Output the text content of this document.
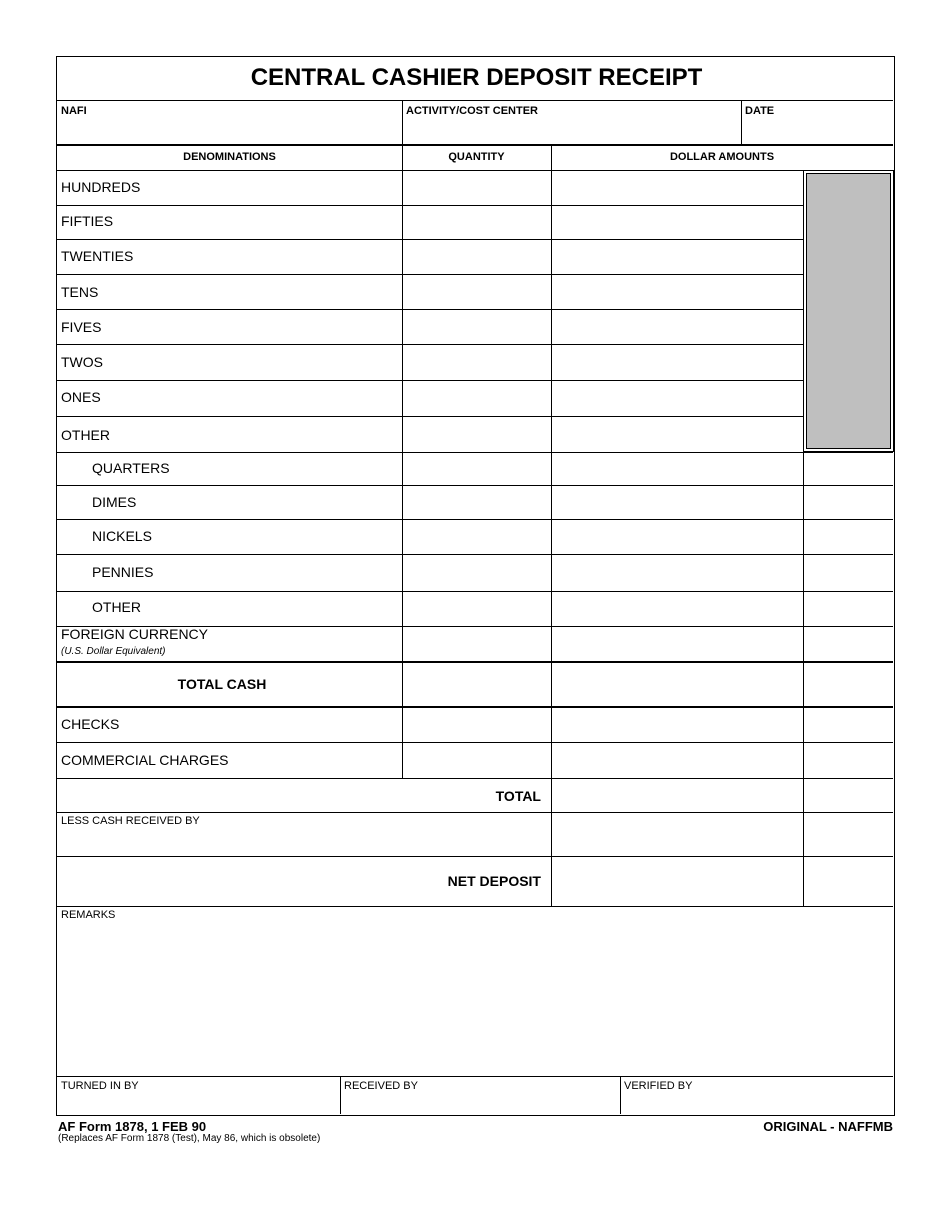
CENTRAL CASHIER DEPOSIT RECEIPT
NAFI	ACTIVITY/COST CENTER	DATE
DENOMINATIONS	QUANTITY	DOLLAR AMOUNTS
HUNDREDS
FIFTIES
TWENTIES
TENS
FIVES
TWOS
ONES
OTHER
QUARTERS
DIMES
NICKELS
PENNIES
OTHER
FOREIGN CURRENCY
(U.S. Dollar Equivalent)
TOTAL CASH
CHECKS
COMMERCIAL CHARGES
TOTAL
LESS CASH RECEIVED BY
NET DEPOSIT
REMARKS
TURNED IN BY	RECEIVED BY	VERIFIED BY
AF Form 1878, 1 FEB 90
(Replaces AF Form 1878 (Test), May 86, which is obsolete)
ORIGINAL - NAFFMB
